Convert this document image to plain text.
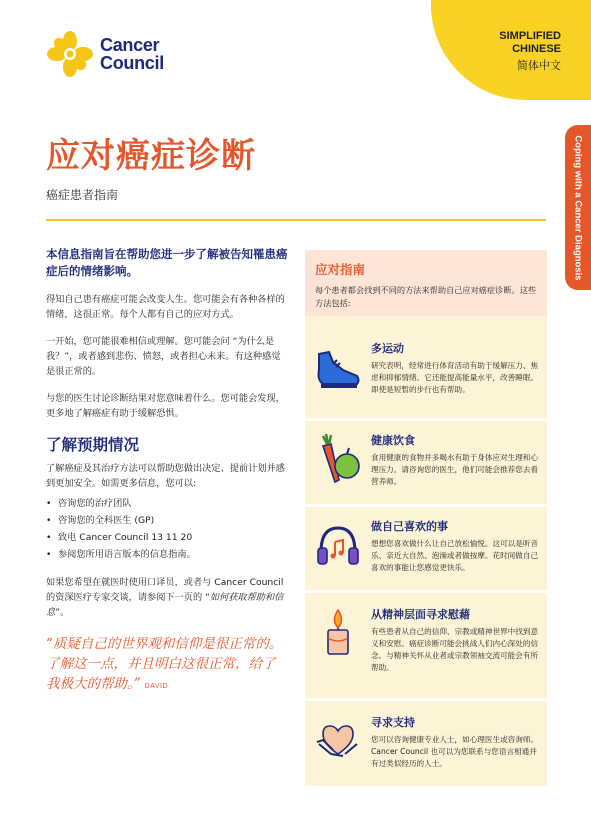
Cancer
Council
SIMPLIFIED
CHINESE
简体中文
Coping with a Cancer Diagnosis
应对癌症诊断
癌症患者指南

本信息指南旨在帮助您进一步了解被告知罹患癌症后的情绪影响。

得知自己患有癌症可能会改变人生。您可能会有各种各样的情绪，这很正常。每个人都有自己的应对方式。

一开始，您可能很难相信或理解。您可能会问 “为什么是我？”，或者感到悲伤、愤怒，或者担心未来。有这种感觉是很正常的。

与您的医生讨论诊断结果对您意味着什么。您可能会发现，更多地了解癌症有助于缓解恐惧。

了解预期情况

了解癌症及其治疗方法可以帮助您做出决定、提前计划并感到更加安全。如需更多信息，您可以:

• 咨询您的治疗团队
• 咨询您的全科医生 (GP)
• 致电 Cancer Council 13 11 20
• 参阅您所用语言版本的信息指南。

如果您希望在就医时使用口译员，或者与 Cancer Council 的资深医疗专家交谈，请参阅下一页的 “如何获取帮助和信息”。

“质疑自己的世界观和信仰是很正常的。了解这一点，并且明白这很正常，给了我极大的帮助。” DAVID

应对指南
每个患者都会找到不同的方法来帮助自己应对癌症诊断。这些方法包括:
多运动
研究表明，经常进行体育活动有助于缓解压力、焦虑和抑郁情绪。它还能提高能量水平，改善睡眠。即使是短暂的步行也有帮助。
健康饮食
食用健康的食物并多喝水有助于身体应对生理和心理压力。请咨询您的医生，他们可能会推荐您去看营养师。
做自己喜欢的事
想想您喜欢做什么让自己放松愉悦。这可以是听音乐、亲近大自然、泡澡或者做按摩。花时间做自己喜欢的事能让您感觉更快乐。
从精神层面寻求慰藉
有些患者从自己的信仰、宗教或精神世界中找到意义和安慰。癌症诊断可能会挑战人们内心深处的信念。与精神关怀从业者或宗教领袖交流可能会有所帮助。
寻求支持
您可以咨询健康专业人士，如心理医生或咨询师。Cancer Council 也可以为您联系与您语言相通并有过类似经历的人士。
